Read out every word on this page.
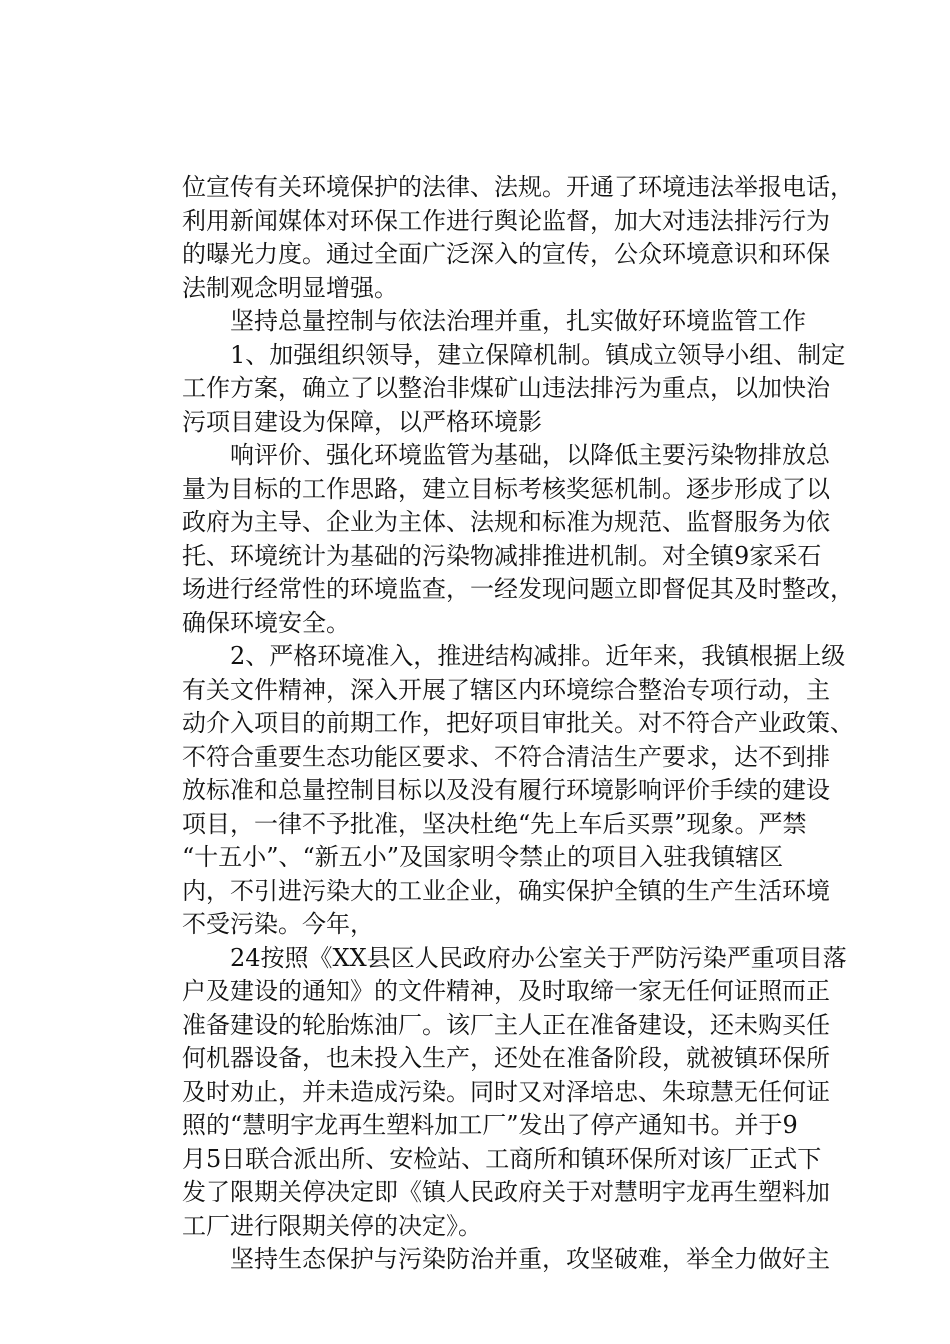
位宣传有关环境保护的法律、法规。开通了环境违法举报电话，
利用新闻媒体对环保工作进行舆论监督，加大对违法排污行为
的曝光力度。通过全面广泛深入的宣传，公众环境意识和环保
法制观念明显增强。
　　坚持总量控制与依法治理并重，扎实做好环境监管工作
　　1、加强组织领导，建立保障机制。镇成立领导小组、制定
工作方案，确立了以整治非煤矿山违法排污为重点，以加快治
污项目建设为保障，以严格环境影
　　响评价、强化环境监管为基础，以降低主要污染物排放总
量为目标的工作思路，建立目标考核奖惩机制。逐步形成了以
政府为主导、企业为主体、法规和标准为规范、监督服务为依
托、环境统计为基础的污染物减排推进机制。对全镇9家采石
场进行经常性的环境监查，一经发现问题立即督促其及时整改，
确保环境安全。
　　2、严格环境准入，推进结构减排。近年来，我镇根据上级
有关文件精神，深入开展了辖区内环境综合整治专项行动，主
动介入项目的前期工作，把好项目审批关。对不符合产业政策、
不符合重要生态功能区要求、不符合清洁生产要求，达不到排
放标准和总量控制目标以及没有履行环境影响评价手续的建设
项目，一律不予批准，坚决杜绝“先上车后买票”现象。严禁
“十五小”、“新五小”及国家明令禁止的项目入驻我镇辖区
内，不引进污染大的工业企业，确实保护全镇的生产生活环境
不受污染。今年，
　　24按照《XX县区人民政府办公室关于严防污染严重项目落
户及建设的通知》的文件精神，及时取缔一家无任何证照而正
准备建设的轮胎炼油厂。该厂主人正在准备建设，还未购买任
何机器设备，也未投入生产，还处在准备阶段，就被镇环保所
及时劝止，并未造成污染。同时又对泽培忠、朱琼慧无任何证
照的“慧明宇龙再生塑料加工厂”发出了停产通知书。并于9
月5日联合派出所、安检站、工商所和镇环保所对该厂正式下
发了限期关停决定即《镇人民政府关于对慧明宇龙再生塑料加
工厂进行限期关停的决定》。
　　坚持生态保护与污染防治并重，攻坚破难，举全力做好主
